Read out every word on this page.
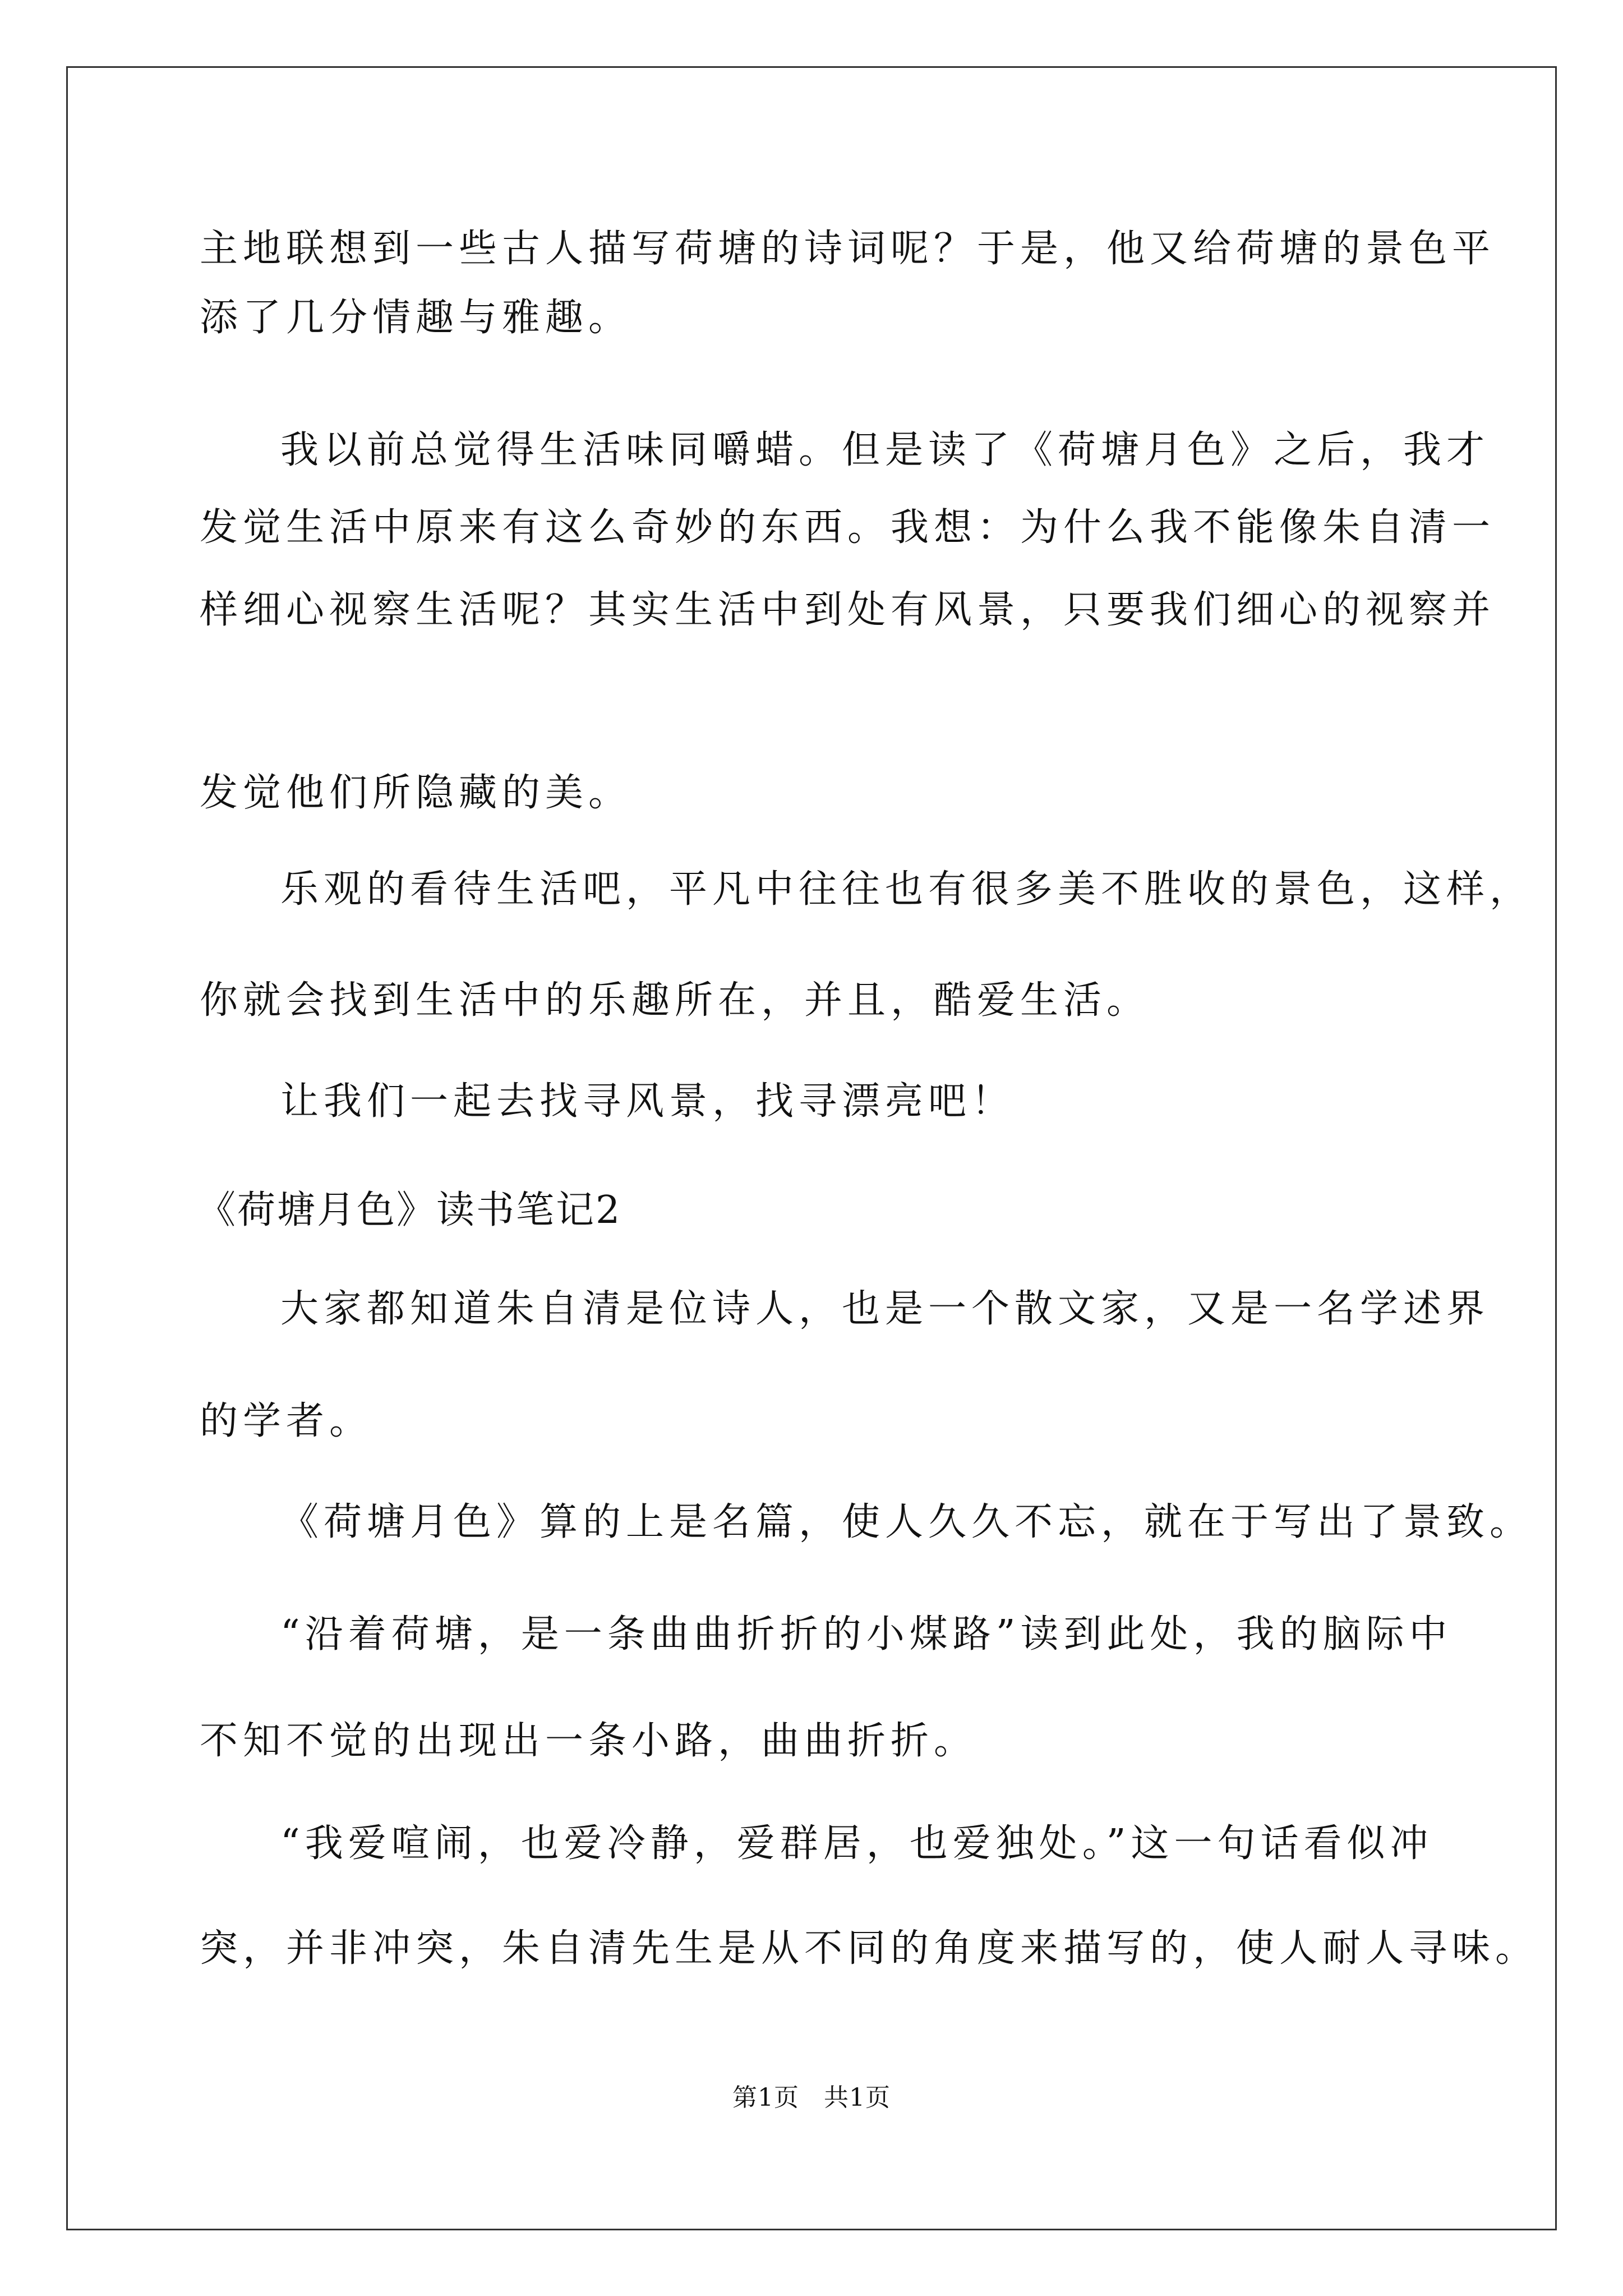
主地联想到一些古人描写荷塘的诗词呢？于是，他又给荷塘的景色平
添了几分情趣与雅趣。
我以前总觉得生活味同嚼蜡。但是读了《荷塘月色》之后，我才
发觉生活中原来有这么奇妙的东西。我想：为什么我不能像朱自清一
样细心视察生活呢？其实生活中到处有风景，只要我们细心的视察并
发觉他们所隐藏的美。
乐观的看待生活吧，平凡中往往也有很多美不胜收的景色，这样，
你就会找到生活中的乐趣所在，并且，酷爱生活。
让我们一起去找寻风景，找寻漂亮吧！
《荷塘月色》读书笔记2
大家都知道朱自清是位诗人，也是一个散文家，又是一名学述界
的学者。
《荷塘月色》算的上是名篇，使人久久不忘，就在于写出了景致。
“沿着荷塘，是一条曲曲折折的小煤路”读到此处，我的脑际中
不知不觉的出现出一条小路，曲曲折折。
“我爱喧闹，也爱冷静，爱群居，也爱独处。”这一句话看似冲
突，并非冲突，朱自清先生是从不同的角度来描写的，使人耐人寻味。
第1页 共1页
